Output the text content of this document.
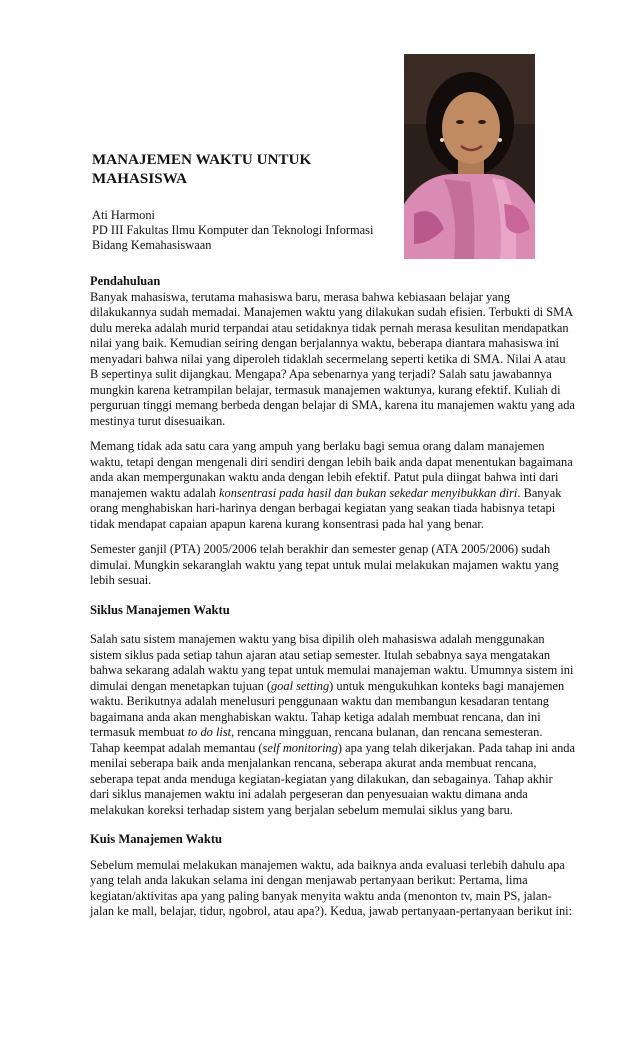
MANAJEMEN WAKTU UNTUK
MAHASISWA
Ati Harmoni
PD III Fakultas Ilmu Komputer dan Teknologi Informasi
Bidang Kemahasiswaan

Pendahuluan

Banyak mahasiswa, terutama mahasiswa baru, merasa bahwa kebiasaan belajar yang dilakukannya sudah memadai. Manajemen waktu yang dilakukan sudah efisien. Terbukti di SMA dulu mereka adalah murid terpandai atau setidaknya tidak pernah merasa kesulitan mendapatkan nilai yang baik. Kemudian seiring dengan berjalannya waktu, beberapa diantara mahasiswa ini menyadari bahwa nilai yang diperoleh tidaklah secermelang seperti ketika di SMA. Nilai A atau B sepertinya sulit dijangkau. Mengapa? Apa sebenarnya yang terjadi? Salah satu jawabannya mungkin karena ketrampilan belajar, termasuk manajemen waktunya, kurang efektif. Kuliah di perguruan tinggi memang berbeda dengan belajar di SMA, karena itu manajemen waktu yang ada mestinya turut disesuaikan.

Memang tidak ada satu cara yang ampuh yang berlaku bagi semua orang dalam manajemen waktu, tetapi dengan mengenali diri sendiri dengan lebih baik anda dapat menentukan bagaimana anda akan mempergunakan waktu anda dengan lebih efektif. Patut pula diingat bahwa inti dari manajemen waktu adalah konsentrasi pada hasil dan bukan sekedar menyibukkan diri. Banyak orang menghabiskan hari-harinya dengan berbagai kegiatan yang seakan tiada habisnya tetapi tidak mendapat capaian apapun karena kurang konsentrasi pada hal yang benar.

Semester ganjil (PTA) 2005/2006 telah berakhir dan semester genap (ATA 2005/2006) sudah dimulai. Mungkin sekaranglah waktu yang tepat untuk mulai melakukan majamen waktu yang lebih sesuai.

Siklus Manajemen Waktu

Salah satu sistem manajemen waktu yang bisa dipilih oleh mahasiswa adalah menggunakan sistem siklus pada setiap tahun ajaran atau setiap semester. Itulah sebabnya saya mengatakan bahwa sekarang adalah waktu yang tepat untuk memulai manajeman waktu. Umumnya sistem ini dimulai dengan menetapkan tujuan (goal setting) untuk mengukuhkan konteks bagi manajemen waktu. Berikutnya adalah menelusuri penggunaan waktu dan membangun kesadaran tentang bagaimana anda akan menghabiskan waktu. Tahap ketiga adalah membuat rencana, dan ini termasuk membuat to do list, rencana mingguan, rencana bulanan, dan rencana semesteran. Tahap keempat adalah memantau (self monitoring) apa yang telah dikerjakan. Pada tahap ini anda menilai seberapa baik anda menjalankan rencana, seberapa akurat anda membuat rencana, seberapa tepat anda menduga kegiatan-kegiatan yang dilakukan, dan sebagainya. Tahap akhir dari siklus manajemen waktu ini adalah pergeseran dan penyesuaian waktu dimana anda melakukan koreksi terhadap sistem yang berjalan sebelum memulai siklus yang baru.

Kuis Manajemen Waktu

Sebelum memulai melakukan manajemen waktu, ada baiknya anda evaluasi terlebih dahulu apa yang telah anda lakukan selama ini dengan menjawab pertanyaan berikut: Pertama, lima kegiatan/aktivitas apa yang paling banyak menyita waktu anda (menonton tv, main PS, jalan-jalan ke mall, belajar, tidur, ngobrol, atau apa?). Kedua, jawab pertanyaan-pertanyaan berikut ini:
